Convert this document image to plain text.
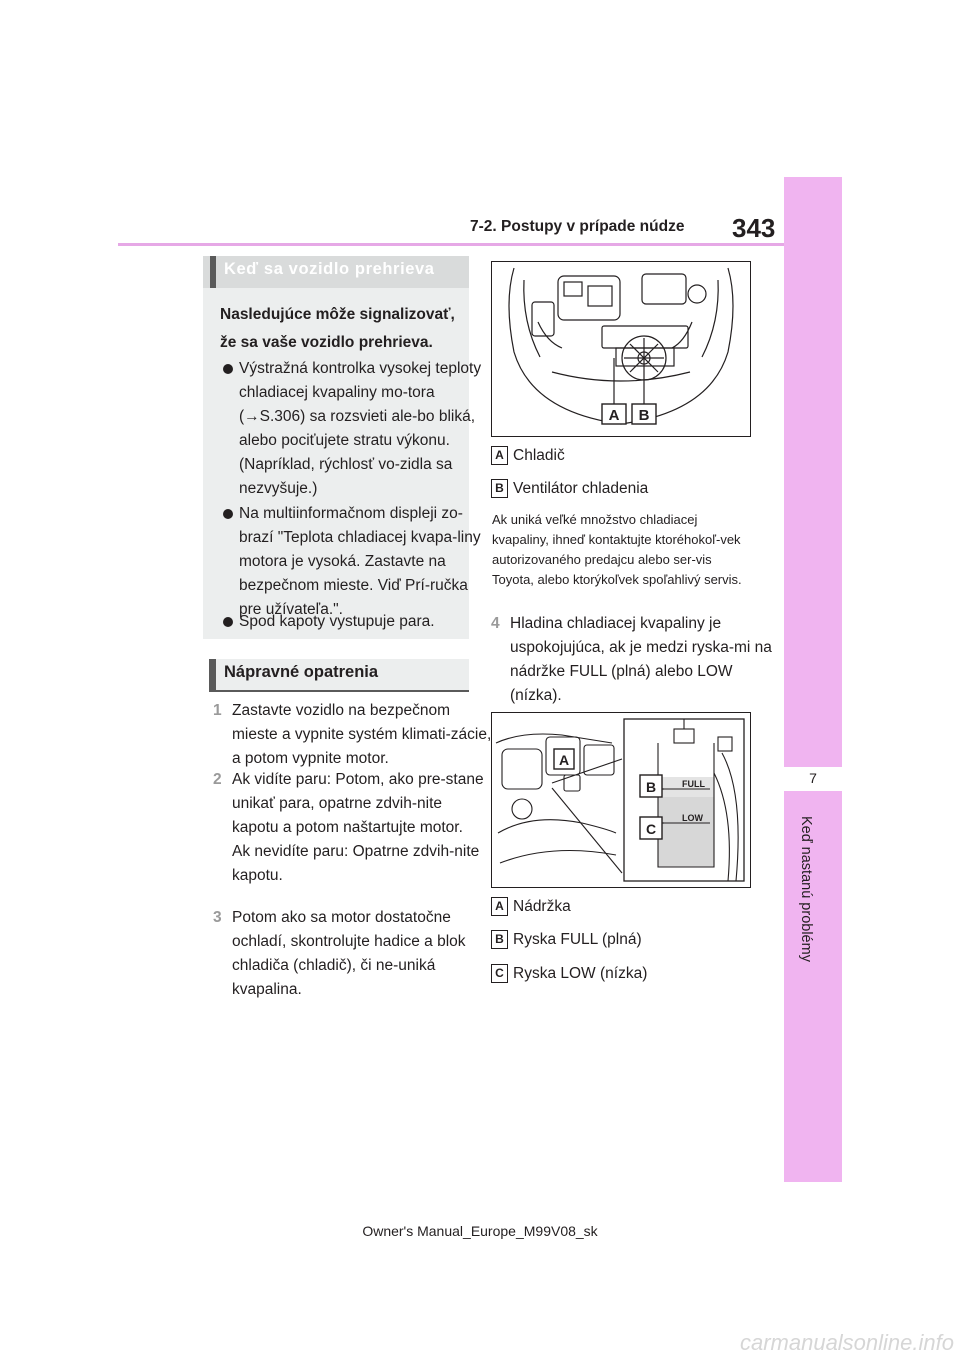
343
7-2. Postupy v prípade núdze
7
Keď nastanú problémy
Keď sa vozidlo prehrieva
Nasledujúce môže signalizovať, že sa vaše vozidlo prehrieva.
Výstražná kontrolka vysokej teploty chladiacej kvapaliny mo-tora (→S.306) sa rozsvieti ale-bo bliká, alebo pociťujete stratu výkonu. (Napríklad, rýchlosť vo-zidla sa nezvyšuje.)
Na multiinformačnom displeji zo-brazí "Teplota chladiacej kvapa-liny motora je vysoká. Zastavte na bezpečnom mieste. Viď Prí-ručka pre užívateľa.".
Spod kapoty vystupuje para.
Nápravné opatrenia
1 Zastavte vozidlo na bezpečnom mieste a vypnite systém klimati-zácie, a potom vypnite motor.
2 Ak vidíte paru: Potom, ako pre-stane unikať para, opatrne zdvih-nite kapotu a potom naštartujte motor.
Ak nevidíte paru: Opatrne zdvih-nite kapotu.
3 Potom ako sa motor dostatočne ochladí, skontrolujte hadice a blok chladiča (chladič), či ne-uniká kvapalina.
A B
A Chladič
B Ventilátor chladenia
Ak uniká veľké množstvo chladiacej kvapaliny, ihneď kontaktujte ktoréhokoľ-vek autorizovaného predajcu alebo ser-vis Toyota, alebo ktorýkoľvek spoľahlivý servis.
4 Hladina chladiacej kvapaliny je uspokojujúca, ak je medzi ryska-mi na nádržke FULL (plná) alebo LOW (nízka).
FULL
LOW
A
B
C
A Nádržka
B Ryska FULL (plná)
C Ryska LOW (nízka)
Owner's Manual_Europe_M99V08_sk
carmanualsonline.info
